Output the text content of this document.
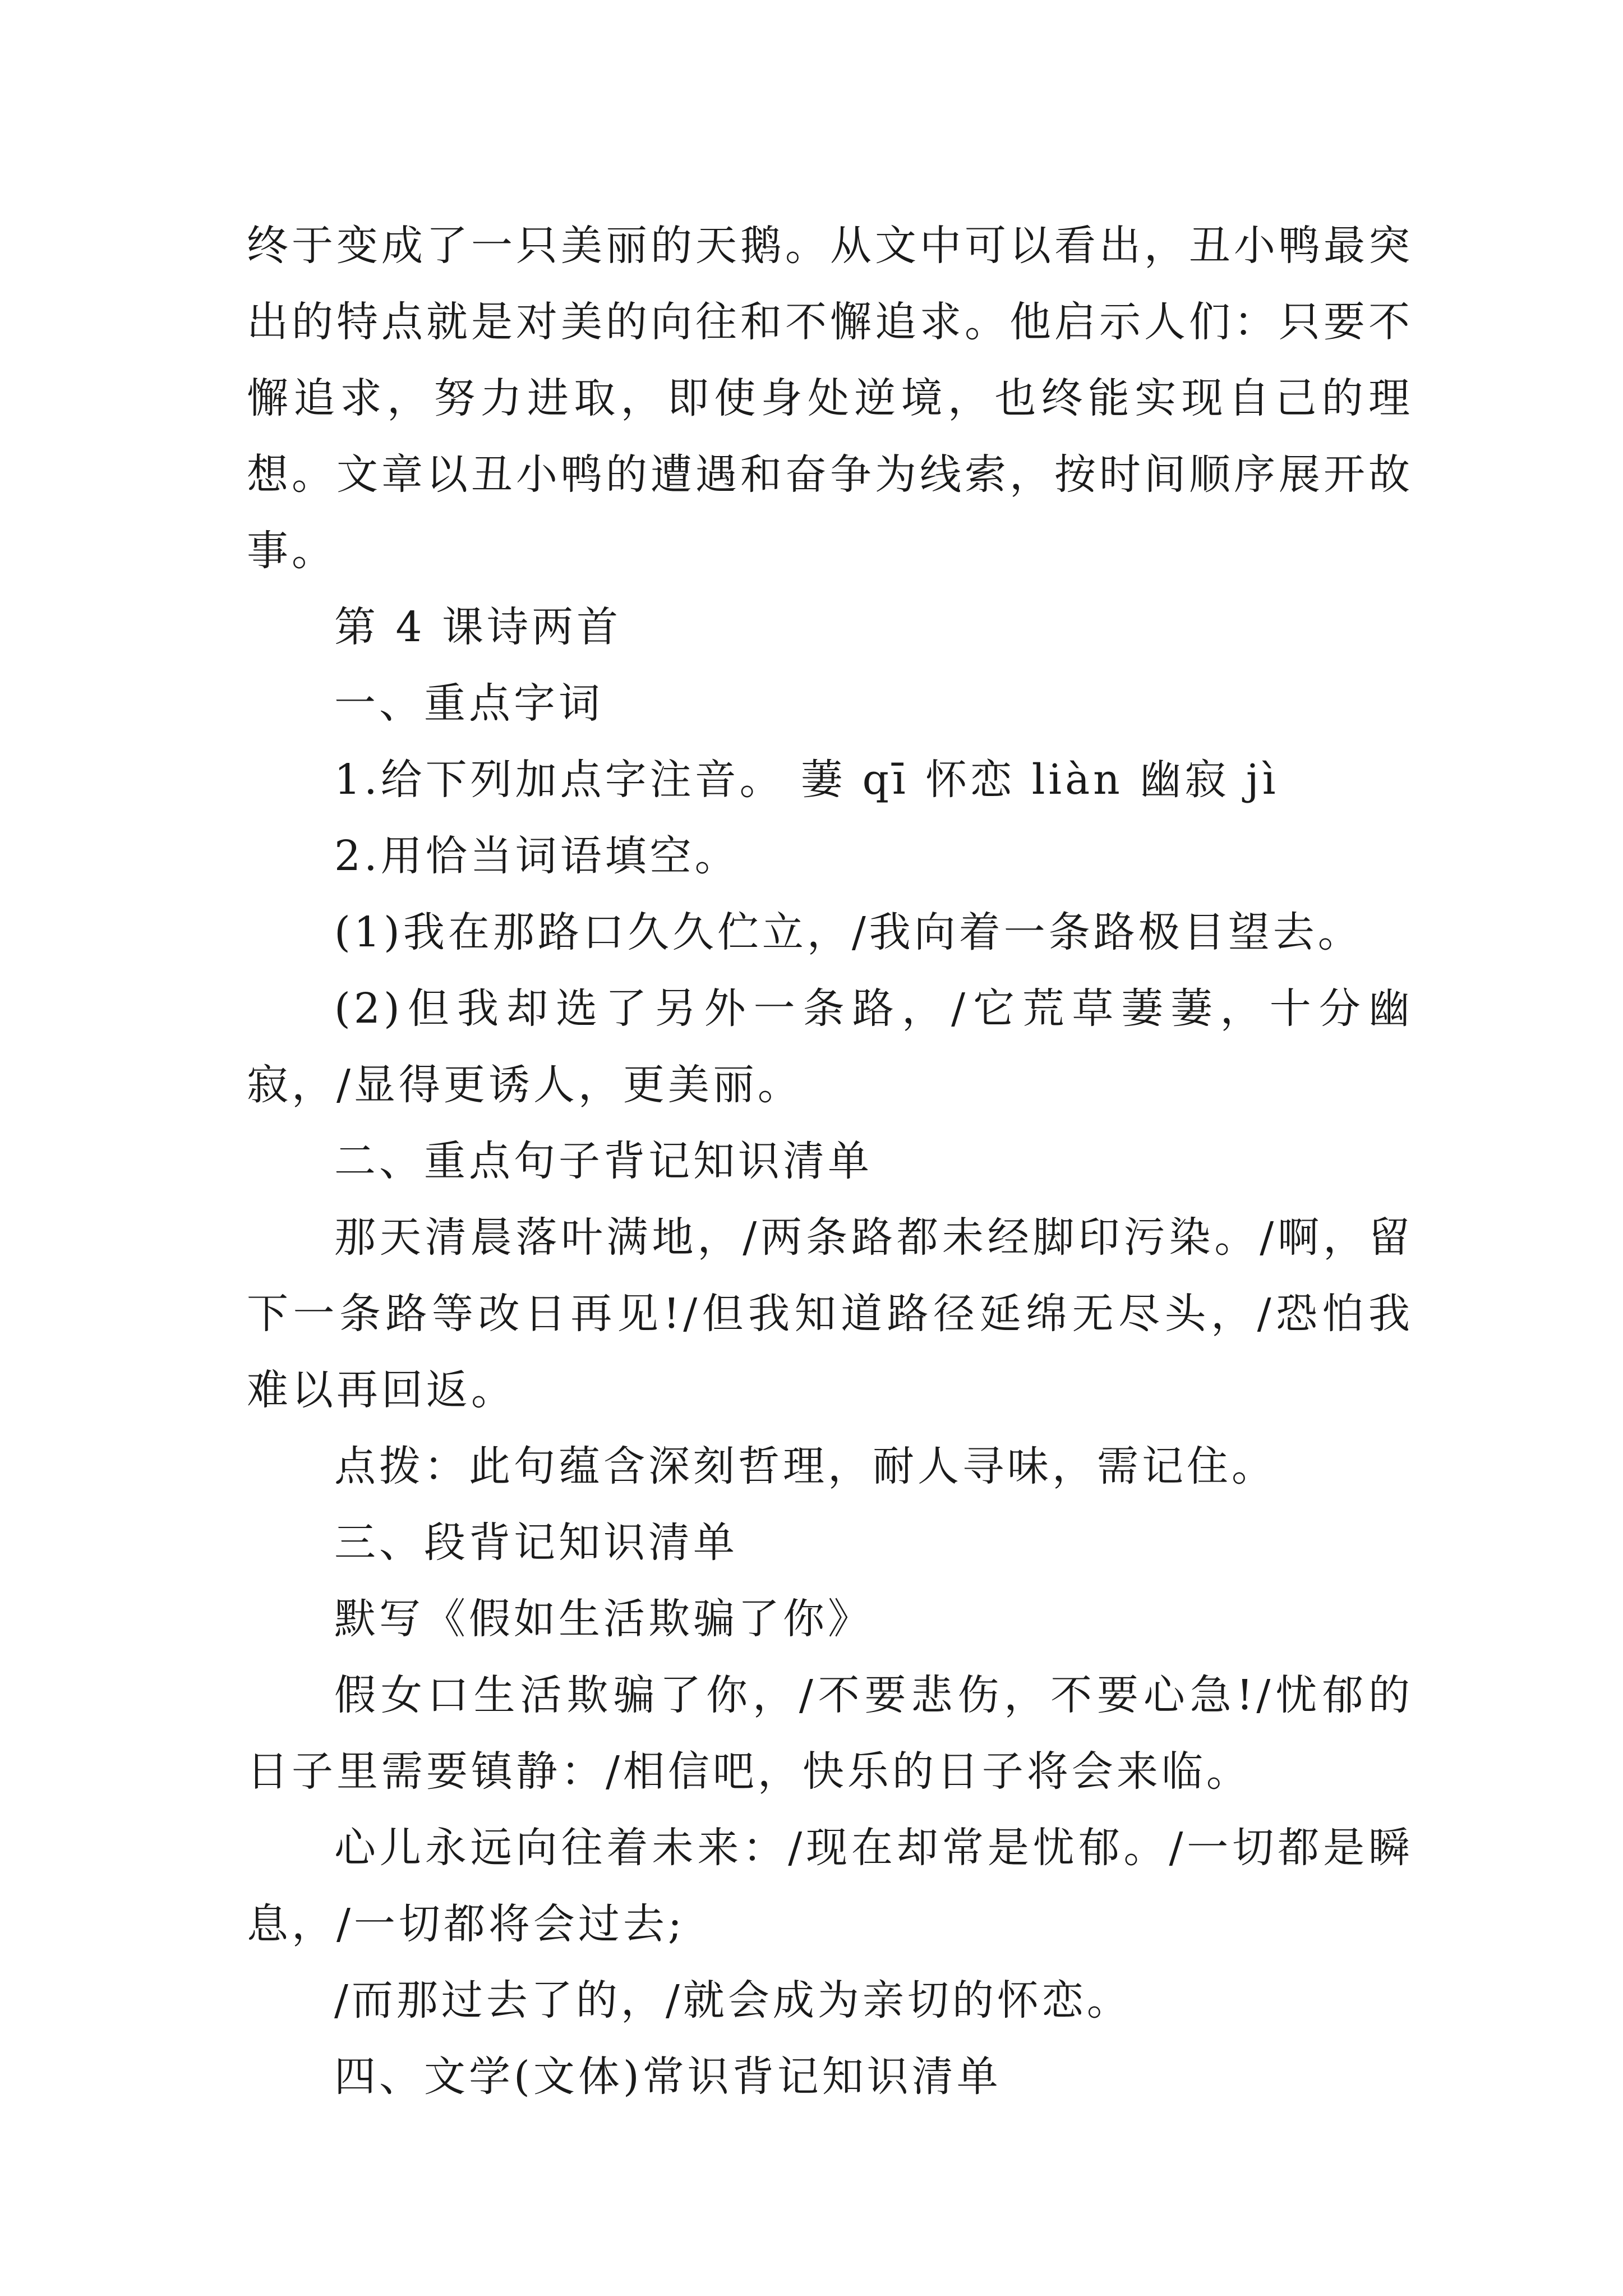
终于变成了一只美丽的天鹅。从文中可以看出，丑小鸭最突出的特点就是对美的向往和不懈追求。他启示人们：只要不懈追求，努力进取，即使身处逆境，也终能实现自己的理想。文章以丑小鸭的遭遇和奋争为线索，按时间顺序展开故事。

第 4 课诗两首

一、重点字词

1.给下列加点字注音。 萋 qī 怀恋 liàn 幽寂 jì

2.用恰当词语填空。

(1)我在那路口久久伫立，/我向着一条路极目望去。

(2)但我却选了另外一条路，/它荒草萋萋，十分幽寂，/显得更诱人，更美丽。

二、重点句子背记知识清单

那天清晨落叶满地，/两条路都未经脚印污染。/啊，留下一条路等改日再见!/但我知道路径延绵无尽头，/恐怕我难以再回返。

点拨：此句蕴含深刻哲理，耐人寻味，需记住。

三、段背记知识清单

默写《假如生活欺骗了你》

假女口生活欺骗了你，/不要悲伤，不要心急!/忧郁的日子里需要镇静：/相信吧，快乐的日子将会来临。

心儿永远向往着未来：/现在却常是忧郁。/一切都是瞬息，/一切都将会过去;

/而那过去了的，/就会成为亲切的怀恋。

四、文学(文体)常识背记知识清单
